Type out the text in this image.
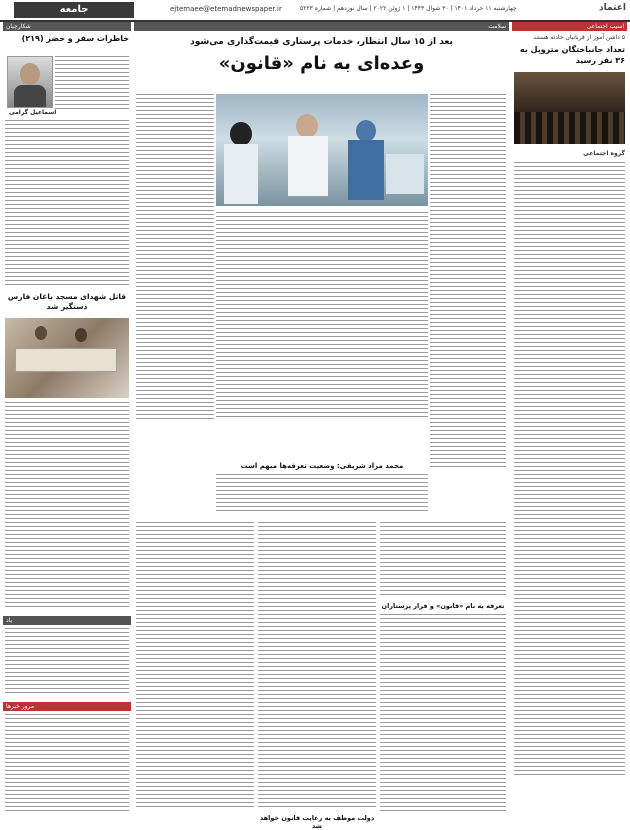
جامعه
5	ejtemaee@etemadnewspaper.ir	چهارشنبه ۱۱ خرداد ۱۴۰۱ | ۳۰ شوال ۱۴۴۳ | ۱ ژوئن ۲۰۲۲ | سال نوزدهم | شماره ۵۲۲۳	اعتماد
شکارچیان
خاطرات سفر و حضر (۲۱۹)
اسماعیل گرامی
قاتل شهدای مسجد باغان فارس دستگیر شد
یاد
مرور خبرها
سلامت
بعد از ۱۵ سال انتظار، خدمات پرستاری قیمت‌گذاری می‌شود
وعده‌ای به نام «قانون»
محمد مراد شریفی: وضعیت تعرفه‌ها مبهم است
تعرفه به نام «قانون» و فرار پرستاران
دولت موظف به رعایت قانون خواهد شد
اسیب اجتماعی
۵ داشن آموز از قربانیان حادثه هستند
تعداد جانباختگان متروپل به ۳۶ نفر رسید
گروه اجتماعی
